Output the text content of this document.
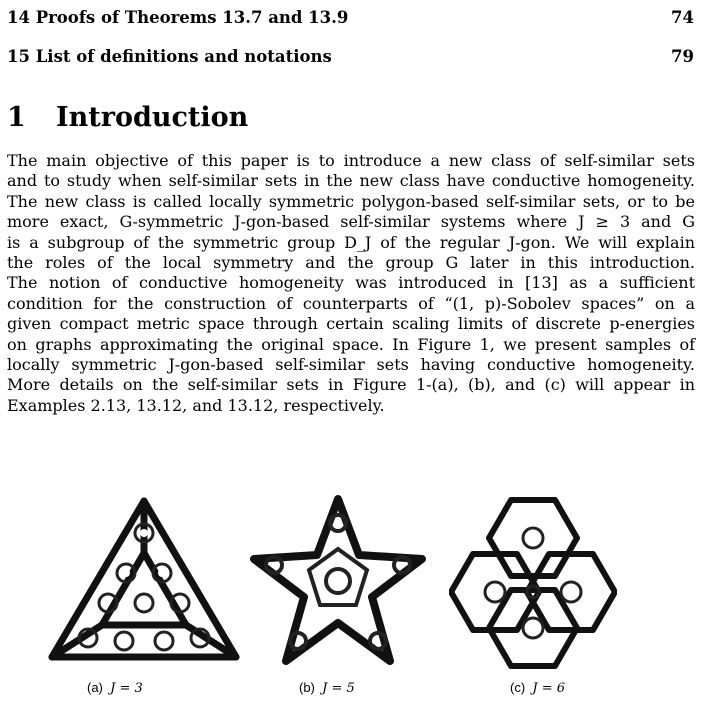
14 Proofs of Theorems 13.7 and 13.9	74
15 List of definitions and notations	79
1 Introduction
The main objective of this paper is to introduce a new class of self-similar sets
and to study when self-similar sets in the new class have conductive homogeneity.
The new class is called locally symmetric polygon-based self-similar sets, or to be
more exact, G-symmetric J-gon-based self-similar systems where J ≥ 3 and G
is a subgroup of the symmetric group D_J of the regular J-gon. We will explain
the roles of the local symmetry and the group G later in this introduction.
The notion of conductive homogeneity was introduced in [13] as a sufficient
condition for the construction of counterparts of “(1, p)-Sobolev spaces” on a
given compact metric space through certain scaling limits of discrete p-energies
on graphs approximating the original space. In Figure 1, we present samples of
locally symmetric J-gon-based self-similar sets having conductive homogeneity.
More details on the self-similar sets in Figure 1-(a), (b), and (c) will appear in
Examples 2.13, 13.12, and 13.12, respectively.
(a) J = 3	(b) J = 5	(c) J = 6
